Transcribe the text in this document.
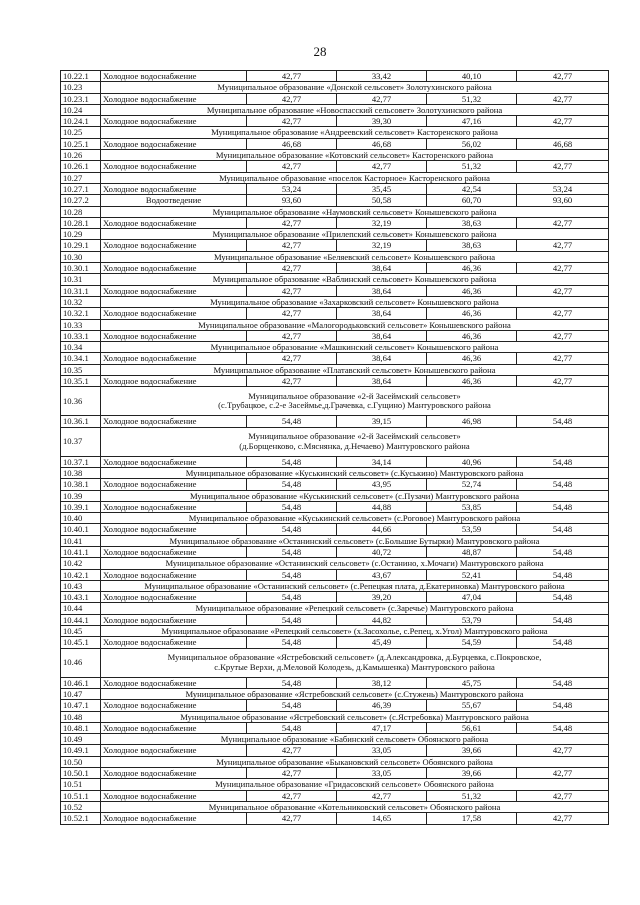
28
10.22.1	Холодное водоснабжение	42,77	33,42	40,10	42,77
10.23	Муниципальное образование «Донской сельсовет» Золотухинского района				
10.23.1	Холодное водоснабжение	42,77	42,77	51,32	42,77
10.24	Муниципальное образование «Новоспасский сельсовет» Золотухинского района				
10.24.1	Холодное водоснабжение	42,77	39,30	47,16	42,77
10.25	Муниципальное образование «Андреевский сельсовет» Касторенского района				
10.25.1	Холодное водоснабжение	46,68	46,68	56,02	46,68
10.26	Муниципальное образование «Котовский сельсовет» Касторенского района				
10.26.1	Холодное водоснабжение	42,77	42,77	51,32	42,77
10.27	Муниципальное образование «поселок Касторное» Касторенского района				
10.27.1	Холодное водоснабжение	53,24	35,45	42,54	53,24
10.27.2	Водоотведение	93,60	50,58	60,70	93,60
10.28	Муниципальное образование «Наумовский сельсовет» Конышевского района				
10.28.1	Холодное водоснабжение	42,77	32,19	38,63	42,77
10.29	Муниципальное образование «Прилепский сельсовет» Конышевского района				
10.29.1	Холодное водоснабжение	42,77	32,19	38,63	42,77
10.30	Муниципальное образование «Беляевский сельсовет» Конышевского района				
10.30.1	Холодное водоснабжение	42,77	38,64	46,36	42,77
10.31	Муниципальное образование «Ваблинский сельсовет» Конышевского района				
10.31.1	Холодное водоснабжение	42,77	38,64	46,36	42,77
10.32	Муниципальное образование «Захарковский сельсовет» Конышевского района				
10.32.1	Холодное водоснабжение	42,77	38,64	46,36	42,77
10.33	Муниципальное образование «Малогородьковский сельсовет» Конышевского района				
10.33.1	Холодное водоснабжение	42,77	38,64	46,36	42,77
10.34	Муниципальное образование «Машкинский сельсовет» Конышевского района				
10.34.1	Холодное водоснабжение	42,77	38,64	46,36	42,77
10.35	Муниципальное образование «Платавский сельсовет» Конышевского района				
10.35.1	Холодное водоснабжение	42,77	38,64	46,36	42,77
10.36	Муниципальное образование «2-й Засеймский сельсовет»
(с.Трубацкое, с.2-е Засеймье,д.Грачевка, с.Гущино) Мантуровского района				
10.36.1	Холодное водоснабжение	54,48	39,15	46,98	54,48
10.37	Муниципальное образование «2-й Засеймский сельсовет»
(д.Борщенково, с.Мяснянка, д.Нечаево) Мантуровского района				
10.37.1	Холодное водоснабжение	54,48	34,14	40,96	54,48
10.38	Муниципальное образование «Куськинский сельсовет» (с.Куськино) Мантуровского района				
10.38.1	Холодное водоснабжение	54,48	43,95	52,74	54,48
10.39	Муниципальное образование «Куськинский сельсовет» (с.Пузачи) Мантуровского района				
10.39.1	Холодное водоснабжение	54,48	44,88	53,85	54,48
10.40	Муниципальное образование «Куськинский сельсовет» (с.Роговое) Мантуровского района				
10.40.1	Холодное водоснабжение	54,48	44,66	53,59	54,48
10.41	Муниципальное образование «Останинский сельсовет» (с.Большие Бутырки) Мантуровского района				
10.41.1	Холодное водоснабжение	54,48	40,72	48,87	54,48
10.42	Муниципальное образование «Останинский сельсовет» (с.Останино, х.Мочаги) Мантуровского района				
10.42.1	Холодное водоснабжение	54,48	43,67	52,41	54,48
10.43	Муниципальное образование «Останинский сельсовет» (с.Репецкая плата, д.Екатериновка) Мантуровского района				
10.43.1	Холодное водоснабжение	54,48	39,20	47,04	54,48
10.44	Муниципальное образование «Репецкий сельсовет» (с.Заречье) Мантуровского района				
10.44.1	Холодное водоснабжение	54,48	44,82	53,79	54,48
10.45	Муниципальное образование «Репецкий сельсовет» (х.Засохолье, с.Репец, х.Угол) Мантуровского района				
10.45.1	Холодное водоснабжение	54,48	45,49	54,59	54,48
10.46	Муниципальное образование «Ястребовский сельсовет» (д.Александровка, д.Бурцевка, с.Покровское,
с.Крутые Верхи, д.Меловой Колодезь, д.Камышенка) Мантуровского района				
10.46.1	Холодное водоснабжение	54,48	38,12	45,75	54,48
10.47	Муниципальное образование «Ястребовский сельсовет» (с.Стужень) Мантуровского района				
10.47.1	Холодное водоснабжение	54,48	46,39	55,67	54,48
10.48	Муниципальное образование «Ястребовский сельсовет» (с.Ястребовка) Мантуровского района				
10.48.1	Холодное водоснабжение	54,48	47,17	56,61	54,48
10.49	Муниципальное образование «Бабинский сельсовет» Обоянского района				
10.49.1	Холодное водоснабжение	42,77	33,05	39,66	42,77
10.50	Муниципальное образование «Быкановский сельсовет» Обоянского района				
10.50.1	Холодное водоснабжение	42,77	33,05	39,66	42,77
10.51	Муниципальное образование «Гридасовский сельсовет» Обоянского района				
10.51.1	Холодное водоснабжение	42,77	42,77	51,32	42,77
10.52	Муниципальное образование «Котельниковский сельсовет» Обоянского района				
10.52.1	Холодное водоснабжение	42,77	14,65	17,58	42,77
